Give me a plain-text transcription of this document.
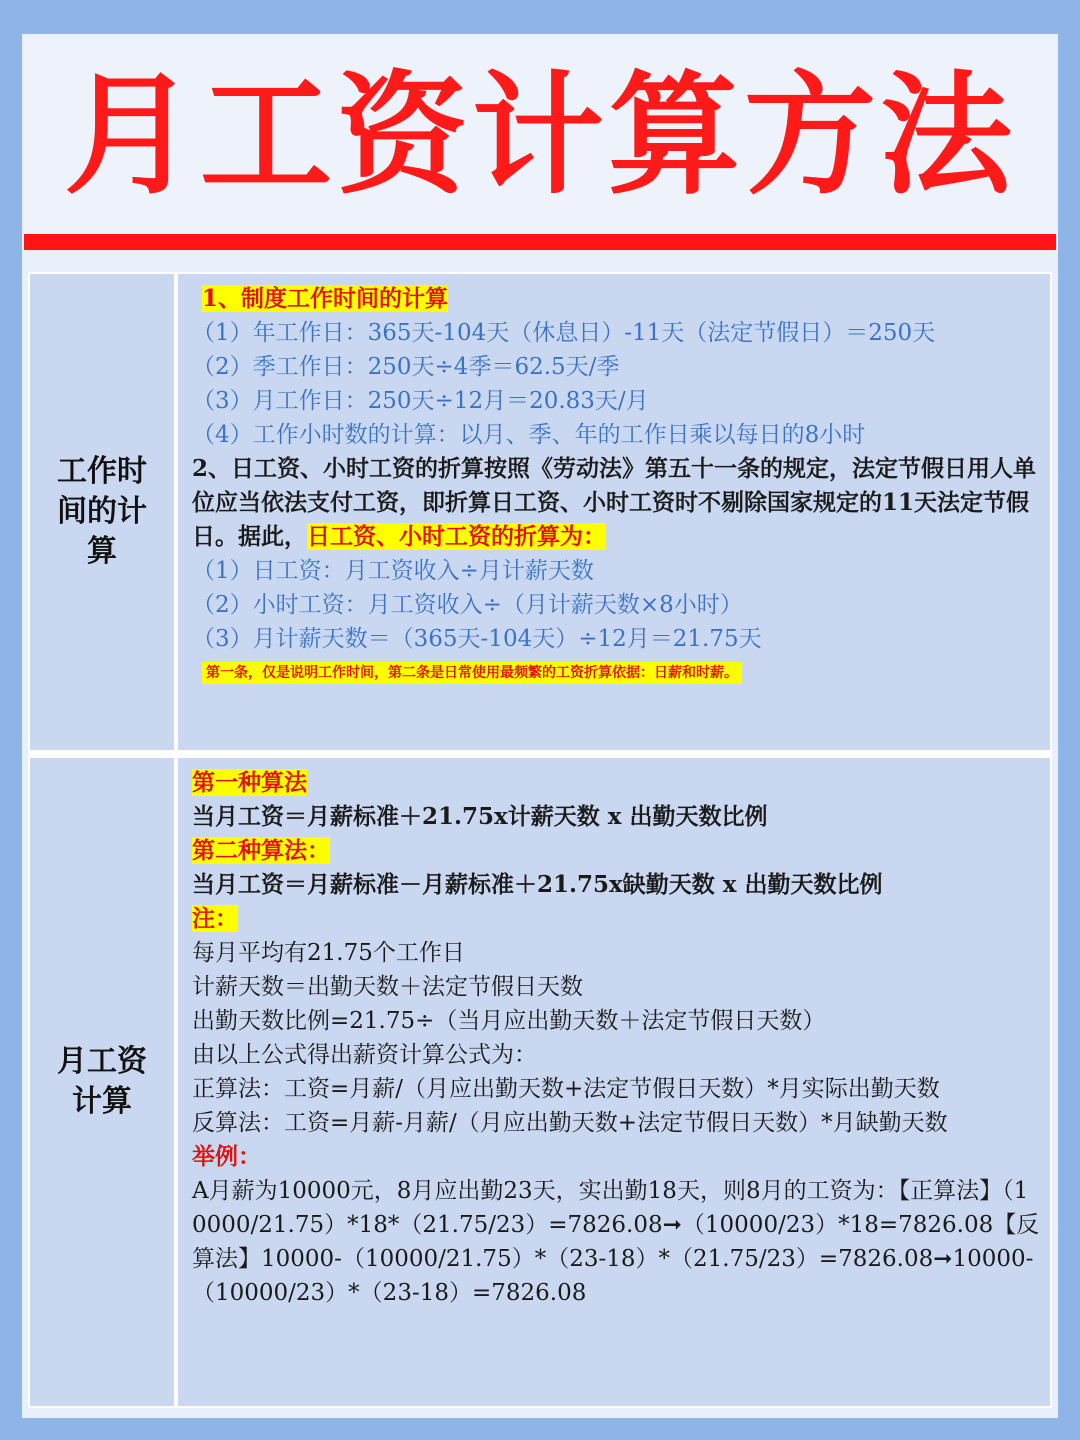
月工资计算方法
工作时间的计算

1、制度工作时间的计算

（1）年工作日：365天-104天（休息日）-11天（法定节假日）＝250天

（2）季工作日：250天÷4季＝62.5天/季

（3）月工作日：250天÷12月＝20.83天/月

（4）工作小时数的计算：以月、季、年的工作日乘以每日的8小时

2、日工资、小时工资的折算按照《劳动法》第五十一条的规定，法定节假日用人单位应当依法支付工资，即折算日工资、小时工资时不剔除国家规定的11天法定节假日。据此，日工资、小时工资的折算为：

（1）日工资：月工资收入÷月计薪天数

（2）小时工资：月工资收入÷（月计薪天数×8小时）

（3）月计薪天数＝（365天-104天）÷12月＝21.75天

第一条，仅是说明工作时间，第二条是日常使用最频繁的工资折算依据：日薪和时薪。
月工资计算

第一种算法

当月工资＝月薪标准＋21.75x计薪天数 x 出勤天数比例

第二种算法：

当月工资＝月薪标准－月薪标准＋21.75x缺勤天数 x 出勤天数比例

注：

每月平均有21.75个工作日

计薪天数＝出勤天数＋法定节假日天数

出勤天数比例=21.75÷（当月应出勤天数＋法定节假日天数）

由以上公式得出薪资计算公式为：

正算法：工资=月薪/（月应出勤天数+法定节假日天数）*月实际出勤天数

反算法：工资=月薪-月薪/（月应出勤天数+法定节假日天数）*月缺勤天数

举例：

A月薪为10000元，8月应出勤23天，实出勤18天，则8月的工资为：【正算法】（10000/21.75）*18*（21.75/23）=7826.08➞（10000/23）*18=7826.08【反算法】10000-（10000/21.75）*（23-18）*（21.75/23）=7826.08➞10000-（10000/23）*（23-18）=7826.08
